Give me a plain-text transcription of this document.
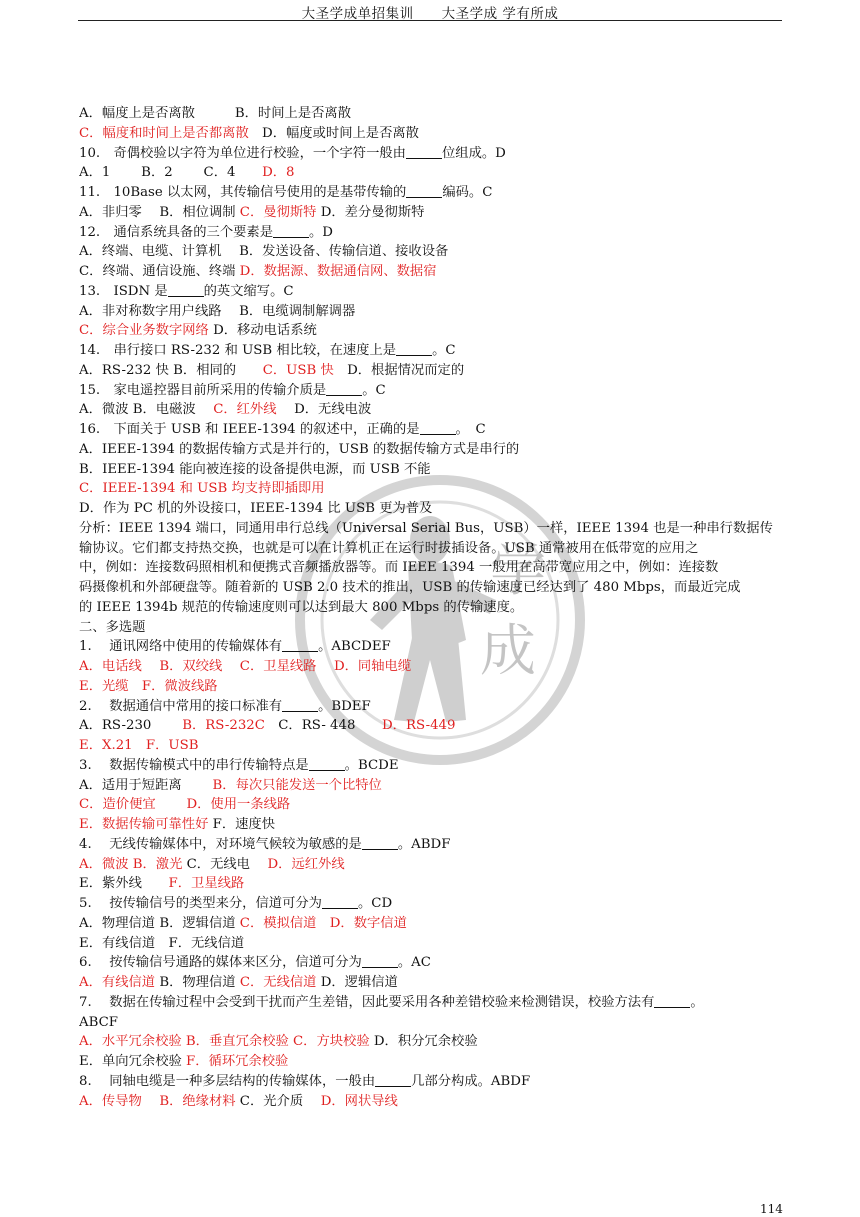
大圣学成单招集训　　大圣学成 学有所成
学
成
A．幅度上是否离散　　　B．时间上是否离散
C．幅度和时间上是否都离散　D．幅度或时间上是否离散
10.　奇偶校验以字符为单位进行校验，一个字符一般由	位组成。D
A．1　　 B．2　　 C．4　　D．8
11.　10Base 以太网，其传输信号使用的是基带传输的	编码。C
A．非归零　 B．相位调制 C．曼彻斯特 D．差分曼彻斯特
12.　通信系统具备的三个要素是	。D
A．终端、电缆、计算机　 B．发送设备、传输信道、接收设备
C．终端、通信设施、终端 D．数据源、数据通信网、数据宿
13.　ISDN 是	的英文缩写。C
A．非对称数字用户线路　 B．电缆调制解调器
C．综合业务数字网络 D．移动电话系统
14.　串行接口 RS-232 和 USB 相比较，在速度上是	。C
A．RS-232 快 B．相同的　　C．USB 快　D．根据情况而定的
15.　家电遥控器目前所采用的传输介质是	。C
A．微波 B．电磁波　 C．红外线　 D．无线电波
16.　下面关于 USB 和 IEEE-1394 的叙述中，正确的是	。　C
A．IEEE-1394 的数据传输方式是并行的，USB 的数据传输方式是串行的
B．IEEE-1394 能向被连接的设备提供电源，而 USB 不能
C．IEEE-1394 和 USB 均支持即插即用
D．作为 PC 机的外设接口，IEEE-1394 比 USB 更为普及
分析：IEEE 1394 端口，同通用串行总线（Universal Serial Bus，USB）一样，IEEE 1394 也是一种串行数据传
输协议。它们都支持热交换，也就是可以在计算机正在运行时拔插设备。USB 通常被用在低带宽的应用之
中，例如：连接数码照相机和便携式音频播放器等。而 IEEE 1394 一般用在高带宽应用之中，例如：连接数
码摄像机和外部硬盘等。随着新的 USB 2.0 技术的推出，USB 的传输速度已经达到了 480 Mbps，而最近完成
的 IEEE 1394b 规范的传输速度则可以达到最大 800 Mbps 的传输速度。
二、多选题
1.　 通讯网络中使用的传输媒体有	。ABCDEF
A．电话线　 B．双绞线　 C．卫星线路　 D．同轴电缆
E．光缆　F．微波线路
2.　 数据通信中常用的接口标准有	。BDEF
A．RS-230　　 B．RS-232C　C．RS- 448　　D．RS-449
E．X.21　F．USB
3.　 数据传输模式中的串行传输特点是	。BCDE
A．适用于短距离　　 B．每次只能发送一个比特位
C．造价便宜　　 D．使用一条线路
E．数据传输可靠性好 F．速度快
4.　 无线传输媒体中，对环境气候较为敏感的是	。ABDF
A．微波 B．激光 C．无线电　 D．远红外线
E．紫外线　　F．卫星线路
5.　 按传输信号的类型来分，信道可分为	。CD
A．物理信道 B．逻辑信道 C．模拟信道　D．数字信道
E．有线信道　F．无线信道
6.　 按传输信号通路的媒体来区分，信道可分为	。AC
A．有线信道 B．物理信道 C．无线信道 D．逻辑信道
7.　 数据在传输过程中会受到干扰而产生差错，因此要采用各种差错校验来检测错误，校验方法有	。
ABCF
A．水平冗余校验 B．垂直冗余校验 C．方块校验 D．积分冗余校验
E．单向冗余校验 F．循环冗余校验
8.　 同轴电缆是一种多层结构的传输媒体，一般由	几部分构成。ABDF
A．传导物　 B．绝缘材料 C．光介质　 D．网状导线
114
